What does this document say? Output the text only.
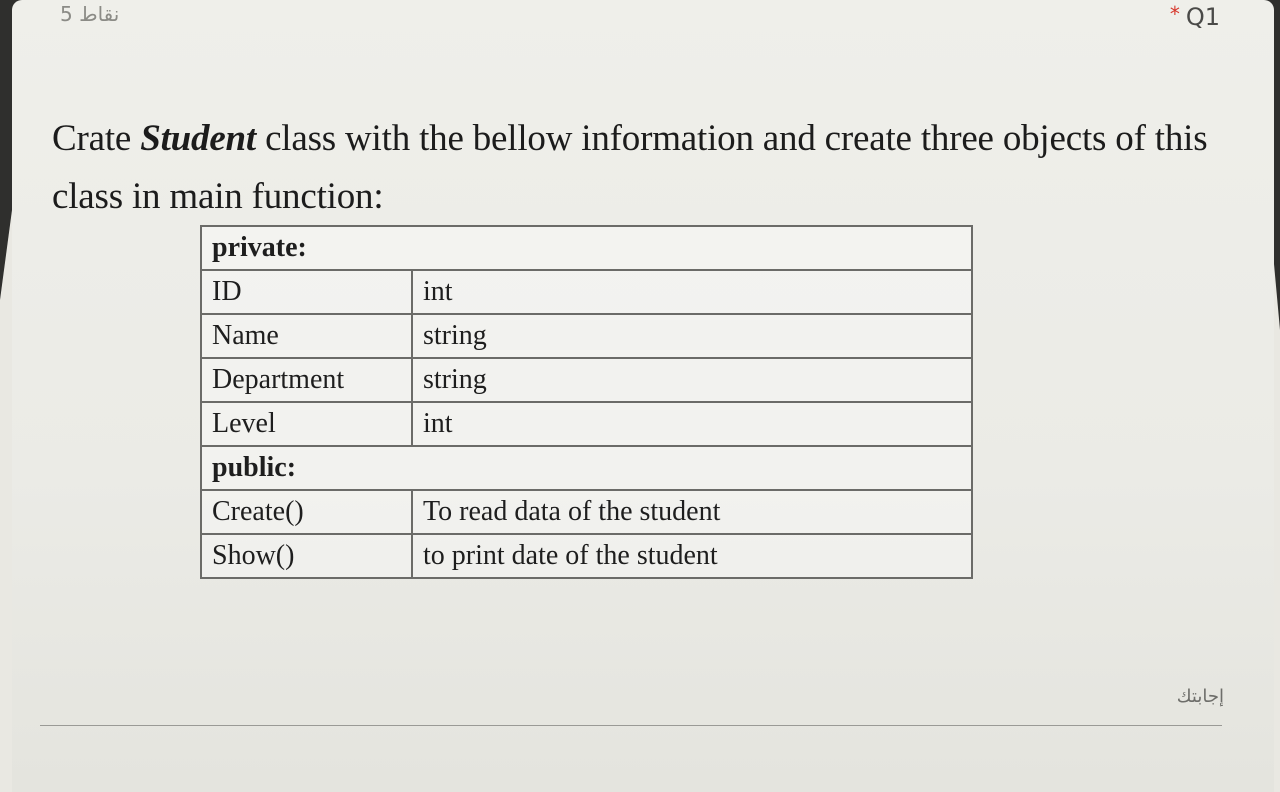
5 نقاط	* Q1
Crate Student class with the bellow information and create three objects of this class in main function:
private:	
ID	int
Name	string
Department	string
Level	int
public:	
Create()	To read data of the student
Show()	to print date of the student
إجابتك
